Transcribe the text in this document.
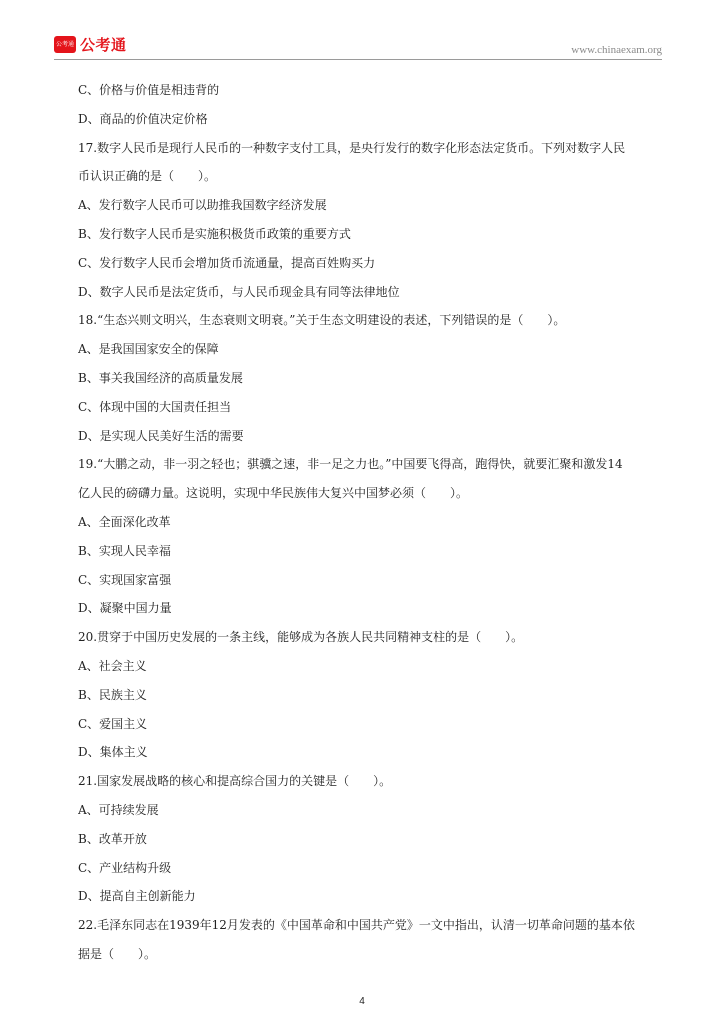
公考通 公考通	www.chinaexam.org
C、价格与价值是相违背的
D、商品的价值决定价格
17.数字人民币是现行人民币的一种数字支付工具，是央行发行的数字化形态法定货币。下列对数字人民
币认识正确的是（　　）。
A、发行数字人民币可以助推我国数字经济发展
B、发行数字人民币是实施积极货币政策的重要方式
C、发行数字人民币会增加货币流通量，提高百姓购买力
D、数字人民币是法定货币，与人民币现金具有同等法律地位
18.“生态兴则文明兴，生态衰则文明衰。”关于生态文明建设的表述，下列错误的是（　　）。
A、是我国国家安全的保障
B、事关我国经济的高质量发展
C、体现中国的大国责任担当
D、是实现人民美好生活的需要
19.“大鹏之动，非一羽之轻也；骐骥之速，非一足之力也。”中国要飞得高，跑得快，就要汇聚和激发14
亿人民的磅礴力量。这说明，实现中华民族伟大复兴中国梦必须（　　）。
A、全面深化改革
B、实现人民幸福
C、实现国家富强
D、凝聚中国力量
20.贯穿于中国历史发展的一条主线，能够成为各族人民共同精神支柱的是（　　）。
A、社会主义
B、民族主义
C、爱国主义
D、集体主义
21.国家发展战略的核心和提高综合国力的关键是（　　）。
A、可持续发展
B、改革开放
C、产业结构升级
D、提高自主创新能力
22.毛泽东同志在1939年12月发表的《中国革命和中国共产党》一文中指出，认清一切革命问题的基本依
据是（　　）。
4
